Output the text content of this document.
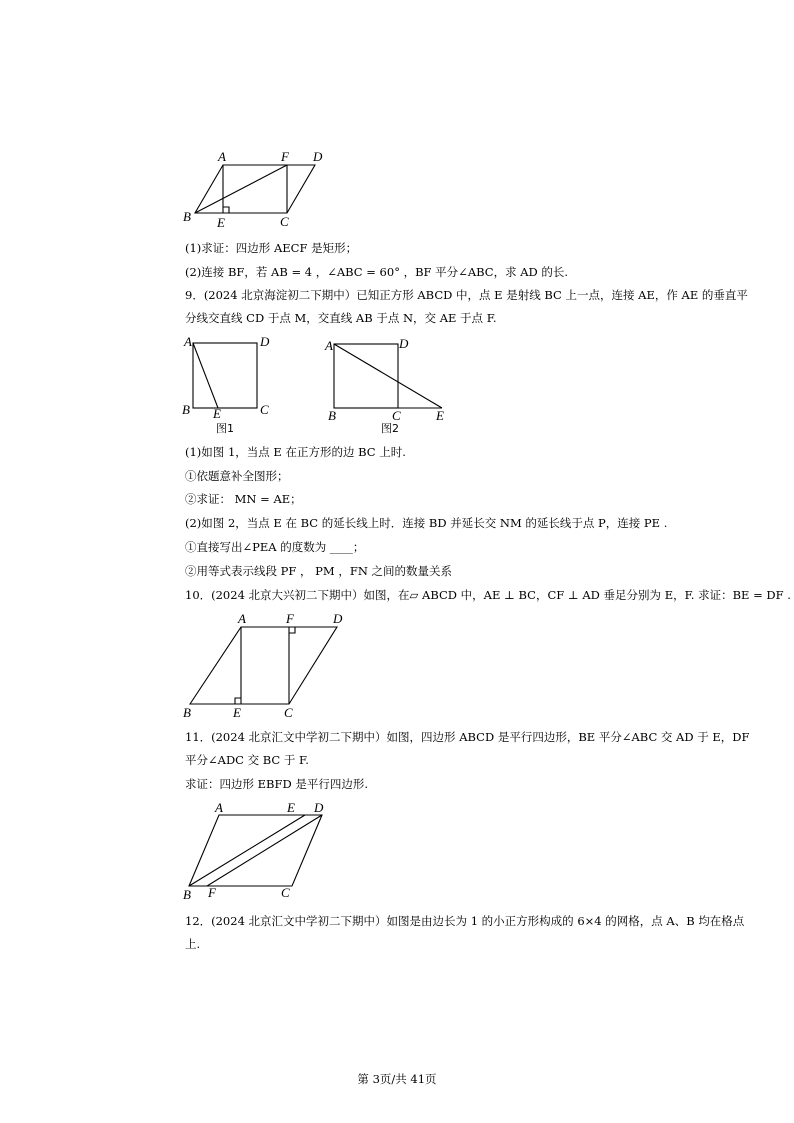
A	F D
B E	C
(1)求证：四边形 AECF 是矩形；
(2)连接 BF，若 AB = 4 ，∠ABC = 60° ，BF 平分∠ABC，求 AD 的长.
9．(2024 北京海淀初二下期中）已知正方形 ABCD 中，点 E 是射线 BC 上一点，连接 AE，作 AE 的垂直平
分线交直线 CD 于点 M，交直线 AB 于点 N，交 AE 于点 F.
A	D
B E	C
图1
A	D
B	C	E
图2
(1)如图 1，当点 E 在正方形的边 BC 上时.
①依题意补全图形；
②求证： MN = AE；
(2)如图 2，当点 E 在 BC 的延长线上时．连接 BD 并延长交 NM 的延长线于点 P，连接 PE .
①直接写出∠PEA 的度数为 ____；
②用等式表示线段 PF ， PM ，FN 之间的数量关系
10．(2024 北京大兴初二下期中）如图，在▱ ABCD 中，AE ⊥ BC，CF ⊥ AD 垂足分别为 E，F. 求证：BE = DF .
A	F	D
B	E	C
11．(2024 北京汇文中学初二下期中）如图，四边形 ABCD 是平行四边形，BE 平分∠ABC 交 AD 于 E，DF
平分∠ADC 交 BC 于 F.
求证：四边形 EBFD 是平行四边形.
A	E D
B F	C
12．(2024 北京汇文中学初二下期中）如图是由边长为 1 的小正方形构成的 6×4 的网格，点 A、B 均在格点
上.
第 3页/共 41页
